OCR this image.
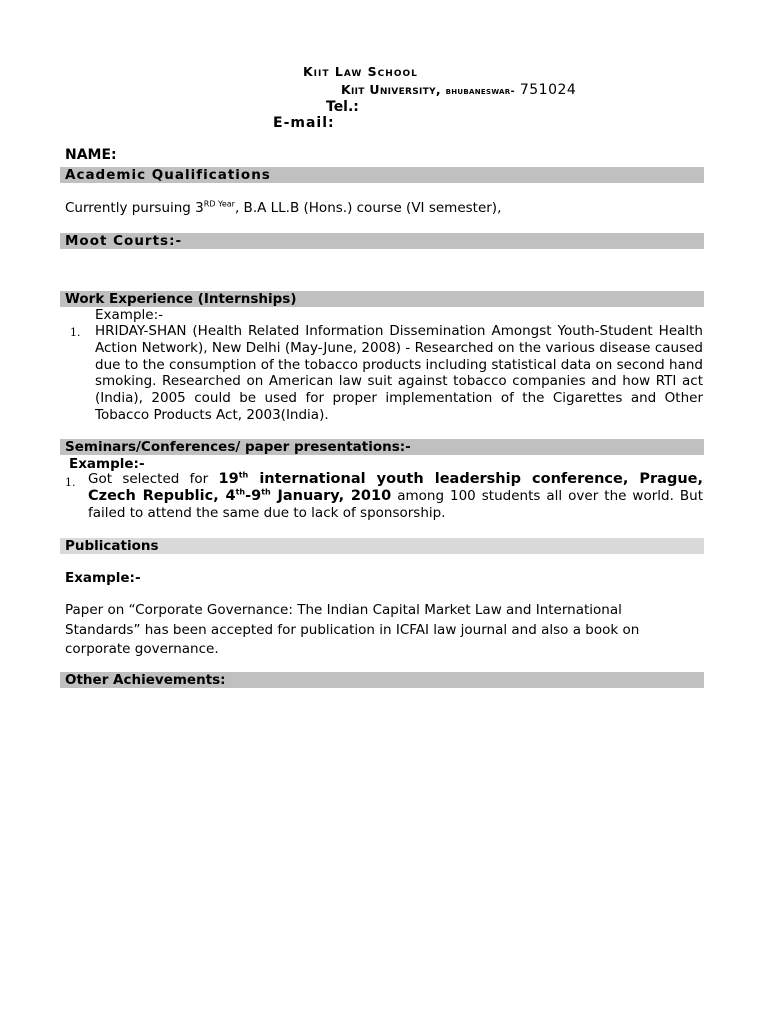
Kiit Law School
Kiit University, bhubaneswar- 751024
Tel.:
E-mail:
NAME:
Academic Qualifications
Currently pursuing $3^{RD Year}$, B.A LL.B (Hons.) course (VI semester),
Moot Courts:-
Work Experience (Internships)
Example:-
1. HRIDAY-SHAN (Health Related Information Dissemination Amongst Youth-Student Health Action Network), New Delhi (May-June, 2008) - Researched on the various disease caused due to the consumption of the tobacco products including statistical data on second hand smoking. Researched on American law suit against tobacco companies and how RTI act (India), 2005 could be used for proper implementation of the Cigarettes and Other Tobacco Products Act, 2003(India).
Seminars/Conferences/ paper presentations:-
Example:-
1. Got selected for 19th international youth leadership conference, Prague, Czech Republic, 4th-9th January, 2010 among 100 students all over the world. But failed to attend the same due to lack of sponsorship.
Publications
Example:-
Paper on “Corporate Governance: The Indian Capital Market Law and International Standards” has been accepted for publication in ICFAI law journal and also a book on corporate governance.
Other Achievements:
